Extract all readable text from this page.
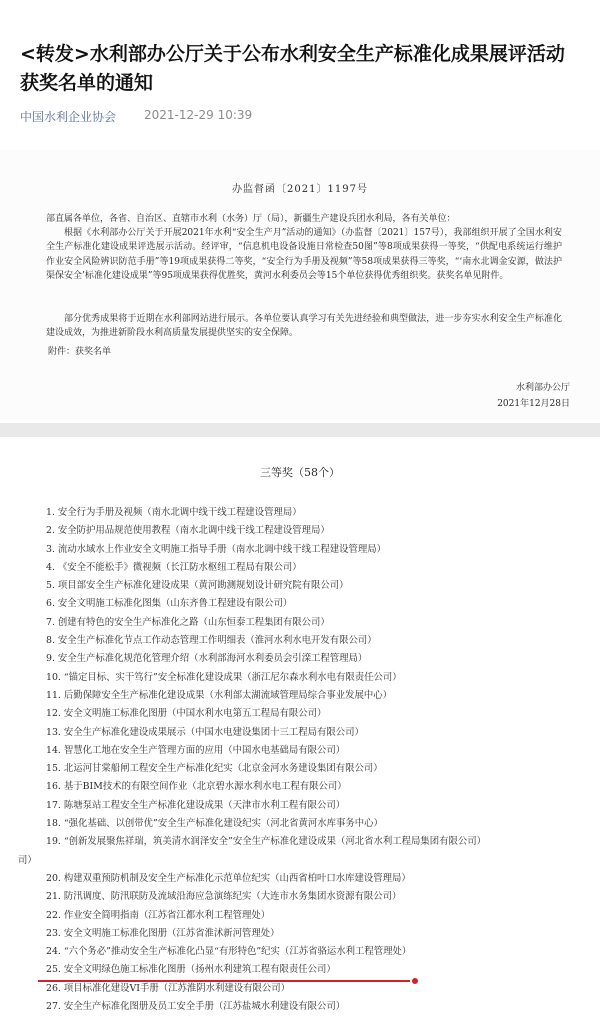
<转发>水利部办公厅关于公布水利安全生产标准化成果展评活动获奖名单的通知
中国水利企业协会 2021-12-29 10:39
办监督函〔2021〕1197号
部直属各单位，各省、自治区、直辖市水利（水务）厅（局），新疆生产建设兵团水利局，各有关单位：
根据《水利部办公厅关于开展2021年水利“安全生产月”活动的通知》（办监督〔2021〕157号），我部组织开展了全国水利安全生产标准化建设成果评选展示活动。经评审，“信息机电设备设施日常检查50图”等8项成果获得一等奖，“供配电系统运行维护作业安全风险辨识防范手册”等19项成果获得二等奖，“安全行为手册及视频”等58项成果获得三等奖，“‘南水北调金安源，做法护渠保安全’标准化建设成果”等95项成果获得优胜奖，黄河水利委员会等15个单位获得优秀组织奖。获奖名单见附件。
部分优秀成果将于近期在水利部网站进行展示。各单位要认真学习有关先进经验和典型做法，进一步夯实水利安全生产标准化建设成效，为推进新阶段水利高质量发展提供坚实的安全保障。
附件：获奖名单
水利部办公厅
2021年12月28日
三等奖（58个）
1. 安全行为手册及视频（南水北调中线干线工程建设管理局）
2. 安全防护用品规范使用教程（南水北调中线干线工程建设管理局）
3. 流动水域水上作业安全文明施工指导手册（南水北调中线干线工程建设管理局）
4. 《安全不能松手》微视频（长江防水枢纽工程局有限公司）
5. 项目部安全生产标准化建设成果（黄河勘测规划设计研究院有限公司）
6. 安全文明施工标准化图集（山东齐鲁工程建设有限公司）
7. 创建有特色的安全生产标准化之路（山东恒泰工程集团有限公司）
8. 安全生产标准化节点工作动态管理工作明细表（淮河水利水电开发有限公司）
9. 安全生产标准化规范化管理介绍（水利部海河水利委员会引滦工程管理局）
10. “锚定目标、实干笃行”安全标准化建设成果（浙江尼尔森水利水电有限责任公司）
11. 后勤保障安全生产标准化建设成果（水利部太湖流域管理局综合事业发展中心）
12. 安全文明施工标准化图册（中国水利水电第五工程局有限公司）
13. 安全生产标准化建设成果展示（中国水电建设集团十三工程局有限公司）
14. 智慧化工地在安全生产管理方面的应用（中国水电基础局有限公司）
15. 北运河甘棠船闸工程安全生产标准化纪实（北京金河水务建设集团有限公司）
16. 基于BIM技术的有限空间作业（北京碧水源水利水电工程有限公司）
17. 陈塘泵站工程安全生产标准化建设成果（天津市水利工程有限公司）
18. “强化基础、以创带优”安全生产标准化建设纪实（河北省黄河水库事务中心）
19. “创新发展聚焦祥瑞，筑美清水润泽安全”安全生产标准化建设成果（河北省水利工程局集团有限公司）
司）
20. 构建双重预防机制及安全生产标准化示范单位纪实（山西省柏叶口水库建设管理局）
21. 防汛调度、防汛联防及流域沿海应急演练纪实（大连市水务集团水资源有限公司）
22. 作业安全简明指南（江苏省江都水利工程管理处）
23. 安全文明施工标准化图册（江苏省淮沭新河管理处）
24. “六个务必”推动安全生产标准化凸显“有形特色”纪实（江苏省骆运水利工程管理处）
25. 安全文明绿色施工标准化图册（扬州水利建筑工程有限责任公司）
26. 项目标准化建设VI手册（江苏淮阴水利建设有限公司）
27. 安全生产标准化图册及员工安全手册（江苏盐城水利建设有限公司）
